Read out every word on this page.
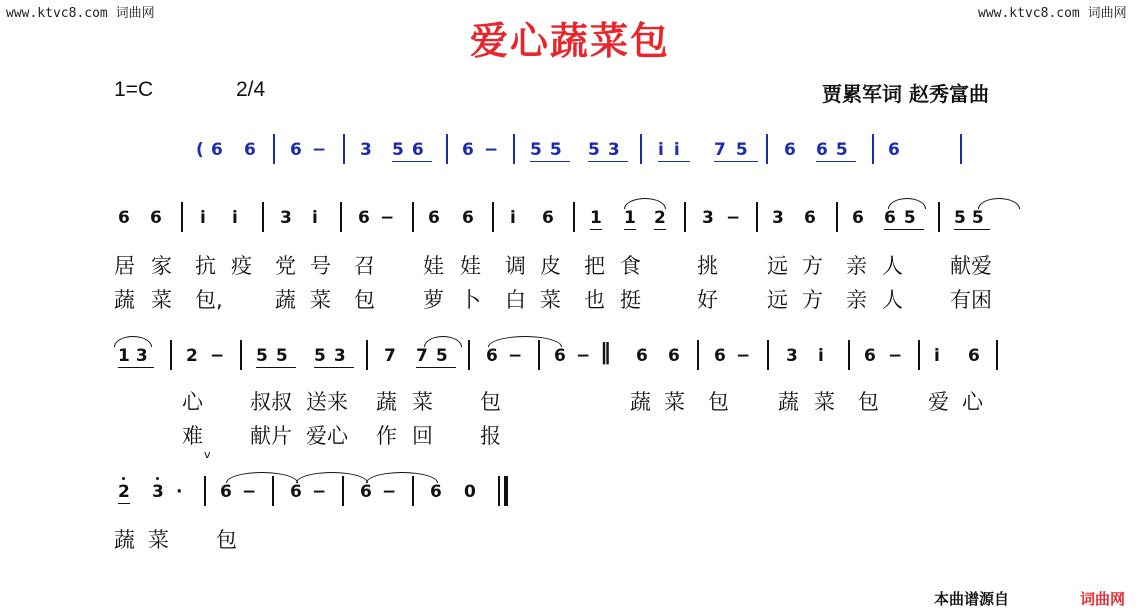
www.ktvc8.com 词曲网	www.ktvc8.com 词曲网
爱心蔬菜包
1=C	2/4	贾累军词 赵秀富曲
( 6 6 6 − 3 56 6 − 55 53 i̇i̇ 75 6 65 6
6 6 i̇ i̇ 3 i̇ 6 − 6 6 i̇ 6 1 1 2 3 − 3 6 6 65 55
居 家 抗 疫 党 号 召 娃 娃 调 皮 把 食	挑 远 方 亲 人 献爱
蔬 菜 包, 蔬 菜 包 萝 卜 白 菜 也 挺	好 远 方 亲 人 有困
13 2 − 55 53 7 75 6 − 6 − ‖ 6 6 6 − 3 i̇ 6 − i̇ 6
心 叔叔 送来 蔬 菜 包	蔬 菜 包 蔬 菜 包 爱 心
难 献片 爱心 作 回 报
v
2 3 · 6 − 6 − 6 − 6 0
蔬 菜 包
本曲谱源自	词曲网
